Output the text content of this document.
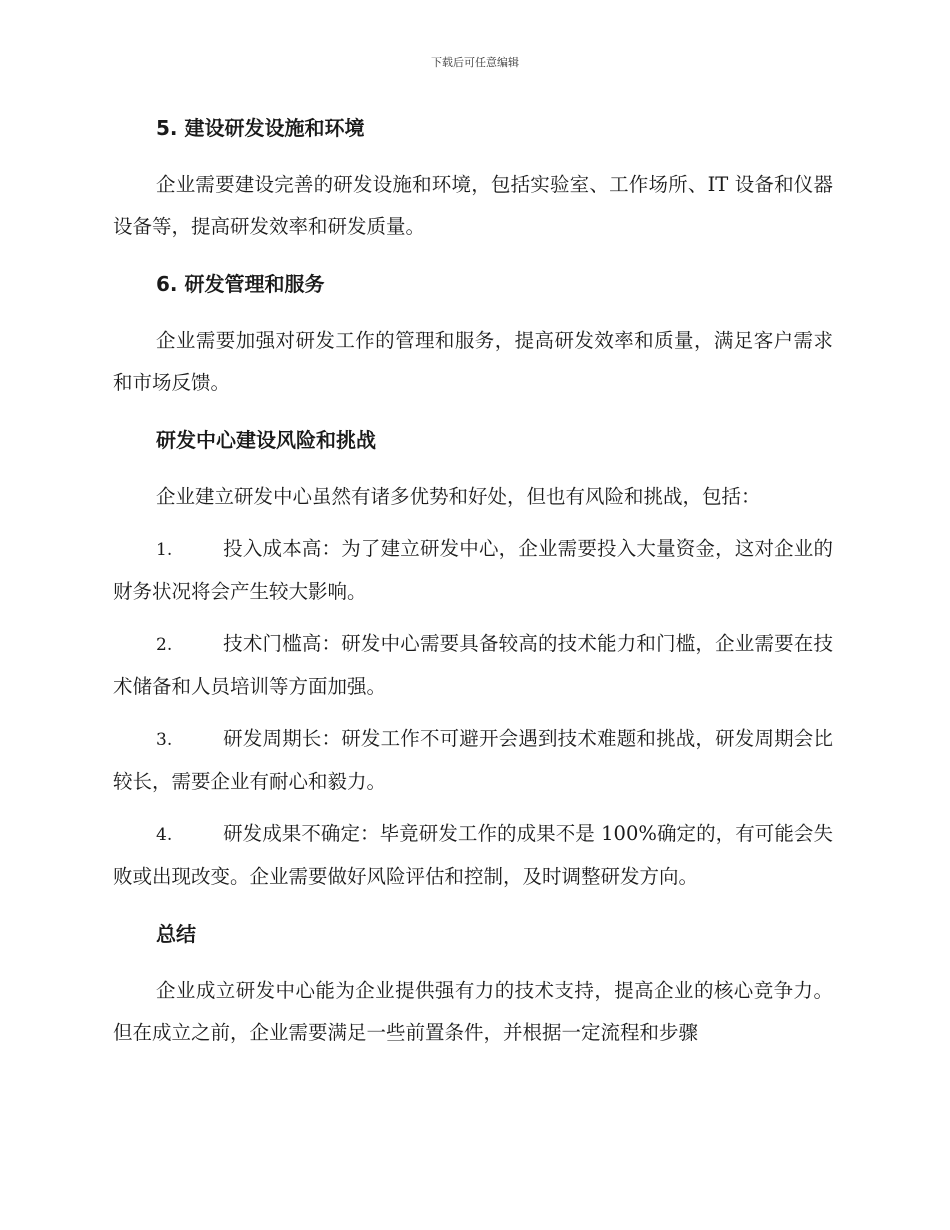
下载后可任意编辑
5. 建设研发设施和环境

企业需要建设完善的研发设施和环境，包括实验室、工作场所、IT 设备和仪器设备等，提高研发效率和研发质量。

6. 研发管理和服务

企业需要加强对研发工作的管理和服务，提高研发效率和质量，满足客户需求和市场反馈。

研发中心建设风险和挑战

企业建立研发中心虽然有诸多优势和好处，但也有风险和挑战，包括：

1.	投入成本高：为了建立研发中心，企业需要投入大量资金，这对企业的财务状况将会产生较大影响。
2.	技术门槛高：研发中心需要具备较高的技术能力和门槛，企业需要在技术储备和人员培训等方面加强。
3.	研发周期长：研发工作不可避开会遇到技术难题和挑战，研发周期会比较长，需要企业有耐心和毅力。
4.	研发成果不确定：毕竟研发工作的成果不是 100%确定的，有可能会失败或出现改变。企业需要做好风险评估和控制，及时调整研发方向。
总结

企业成立研发中心能为企业提供强有力的技术支持，提高企业的核心竞争力。但在成立之前，企业需要满足一些前置条件，并根据一定流程和步骤
